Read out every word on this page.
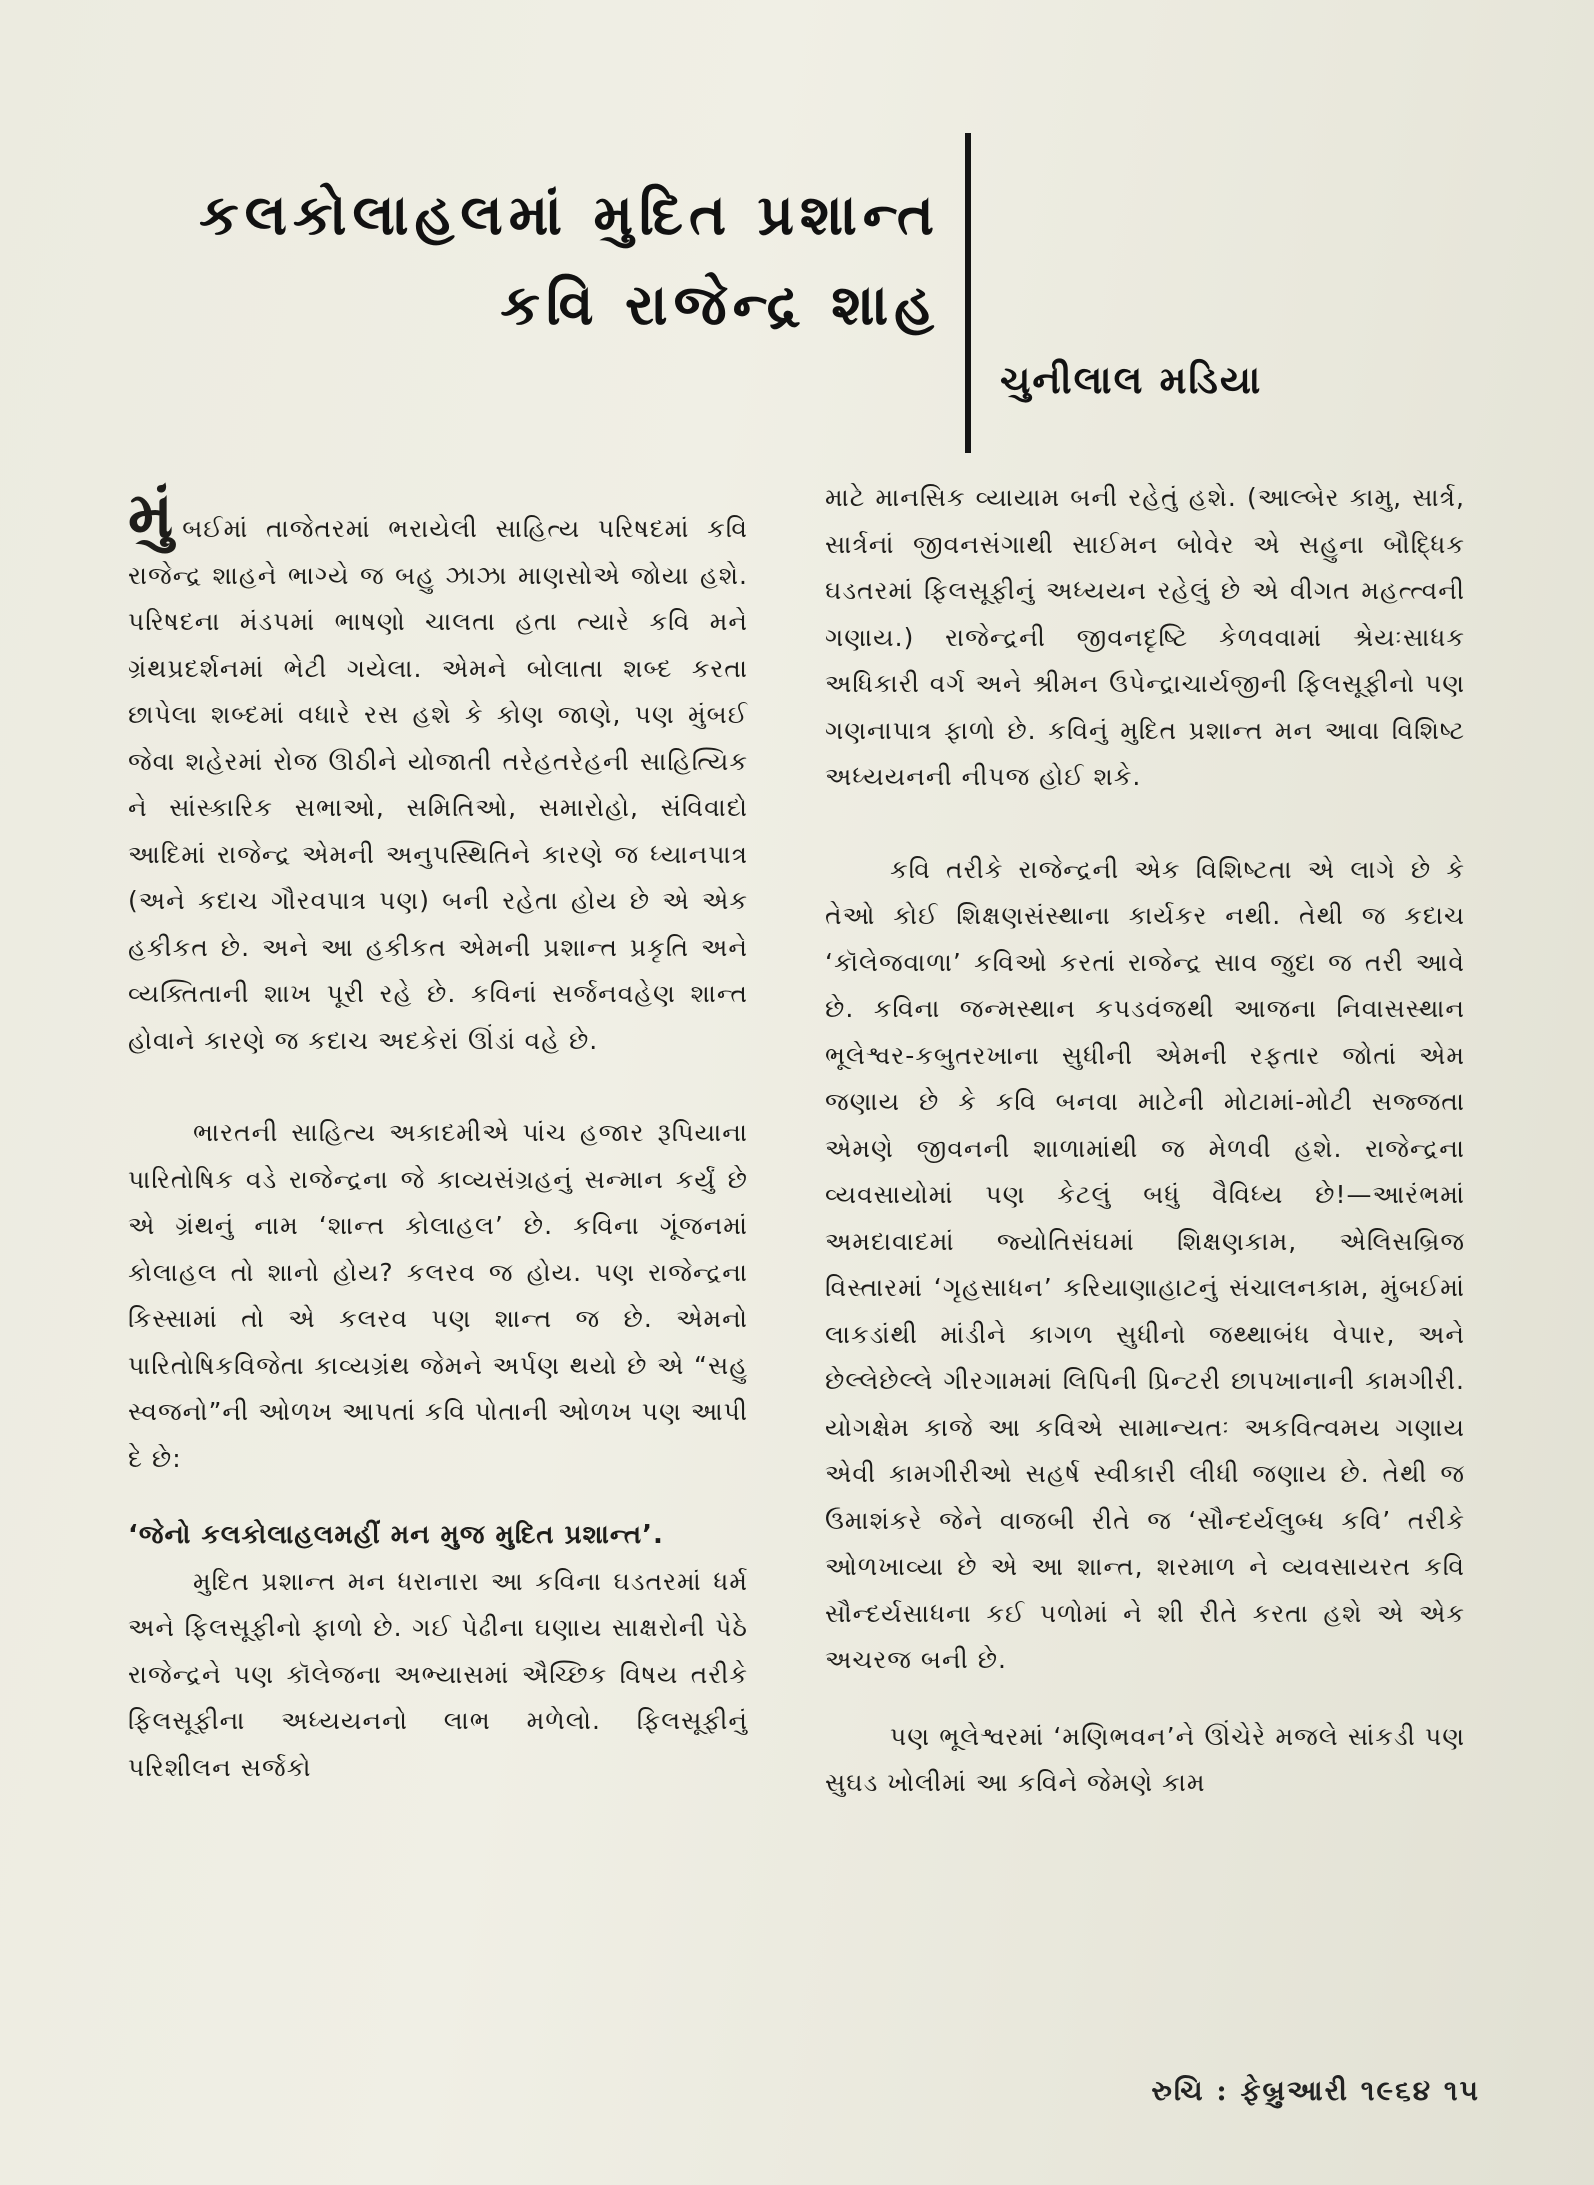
કલકોલાહલમાં મુદિત પ્રશાન્ત
કવિ રાજેન્દ્ર શાહ
ચુનીલાલ મડિયા

મુંબઈમાં તાજેતરમાં ભરાયેલી સાહિત્ય પરિષદમાં કવિ રાજેન્દ્ર શાહને ભાગ્યે જ બહુ ઝાઝા માણસોએ જોયા હશે. પરિષદના મંડપમાં ભાષણો ચાલતા હતા ત્યારે કવિ મને ગ્રંથપ્રદર્શનમાં ભેટી ગયેલા. એમને બોલાતા શબ્દ કરતા છાપેલા શબ્દમાં વધારે રસ હશે કે કોણ જાણે, પણ મુંબઈ જેવા શહેરમાં રોજ ઊઠીને યોજાતી તરેહતરેહની સાહિત્યિક ને સાંસ્કારિક સભાઓ, સમિતિઓ, સમારોહો, સંવિવાદો આદિમાં રાજેન્દ્ર એમની અનુપસ્થિતિને કારણે જ ધ્યાનપાત્ર (અને કદાચ ગૌરવપાત્ર પણ) બની રહેતા હોય છે એ એક હકીકત છે. અને આ હકીકત એમની પ્રશાન્ત પ્રકૃતિ અને વ્યક્તિતાની શાખ પૂરી રહે છે. કવિનાં સર્જનવહેણ શાન્ત હોવાને કારણે જ કદાચ અદકેરાં ઊંડાં વહે છે.

ભારતની સાહિત્ય અકાદમીએ પાંચ હજાર રૂપિયાના પારિતોષિક વડે રાજેન્દ્રના જે કાવ્યસંગ્રહનું સન્માન કર્યું છે એ ગ્રંથનું નામ ‘શાન્ત કોલાહલ’ છે. કવિના ગૂંજનમાં કોલાહલ તો શાનો હોય? કલરવ જ હોય. પણ રાજેન્દ્રના કિસ્સામાં તો એ કલરવ પણ શાન્ત જ છે. એમનો પારિતોષિકવિજેતા કાવ્યગ્રંથ જેમને અર્પણ થયો છે એ “સહુ સ્વજનો”ની ઓળખ આપતાં કવિ પોતાની ઓળખ પણ આપી દે છે:

‘જેનો કલકોલાહલમહીં મન મુજ મુદિત પ્રશાન્ત’.

મુદિત પ્રશાન્ત મન ધરાનારા આ કવિના ઘડતરમાં ધર્મ અને ફિલસૂફીનો ફાળો છે. ગઈ પેઢીના ઘણાય સાક્ષરોની પેઠે રાજેન્દ્રને પણ કૉલેજના અભ્યાસમાં ઐચ્છિક વિષય તરીકે ફિલસૂફીના અધ્યયનનો લાભ મળેલો. ફિલસૂફીનું પરિશીલન સર્જકો

માટે માનસિક વ્યાયામ બની રહેતું હશે. (આલ્બેર કામુ, સાર્ત્ર, સાર્ત્રનાં જીવનસંગાથી સાઈમન બોવેર એ સહુના બૌદ્ધિક ઘડતરમાં ફિલસૂફીનું અધ્યયન રહેલું છે એ વીગત મહત્ત્વની ગણાય.) રાજેન્દ્રની જીવનદૃષ્ટિ કેળવવામાં શ્રેયઃસાધક અધિકારી વર્ગ અને શ્રીમન ઉપેન્દ્રાચાર્યજીની ફિલસૂફીનો પણ ગણનાપાત્ર ફાળો છે. કવિનું મુદિત પ્રશાન્ત મન આવા વિશિષ્ટ અધ્યયનની નીપજ હોઈ શકે.

કવિ તરીકે રાજેન્દ્રની એક વિશિષ્ટતા એ લાગે છે કે તેઓ કોઈ શિક્ષણસંસ્થાના કાર્યકર નથી. તેથી જ કદાચ ‘કૉલેજવાળા’ કવિઓ કરતાં રાજેન્દ્ર સાવ જુદા જ તરી આવે છે. કવિના જન્મસ્થાન કપડવંજથી આજના નિવાસસ્થાન ભૂલેશ્વર-કબુતરખાના સુધીની એમની રફતાર જોતાં એમ જણાય છે કે કવિ બનવા માટેની મોટામાં-મોટી સજ્જતા એમણે જીવનની શાળામાંથી જ મેળવી હશે. રાજેન્દ્રના વ્યવસાયોમાં પણ કેટલું બધું વૈવિધ્ય છે!—આરંભમાં અમદાવાદમાં જ્યોતિસંઘમાં શિક્ષણકામ, એલિસબ્રિજ વિસ્તારમાં ‘ગૃહસાધન’ કરિયાણાહાટનું સંચાલનકામ, મુંબઈમાં લાકડાંથી માંડીને કાગળ સુધીનો જથ્થાબંધ વેપાર, અને છેલ્લેછેલ્લે ગીરગામમાં લિપિની પ્રિન્ટરી છાપખાનાની કામગીરી. યોગક્ષેમ કાજે આ કવિએ સામાન્યતઃ અકવિત્વમય ગણાય એવી કામગીરીઓ સહર્ષ સ્વીકારી લીધી જણાય છે. તેથી જ ઉમાશંકરે જેને વાજબી રીતે જ ‘સૌન્દર્યલુબ્ધ કવિ’ તરીકે ઓળખાવ્યા છે એ આ શાન્ત, શરમાળ ને વ્યવસાયરત કવિ સૌન્દર્યસાધના કઈ પળોમાં ને શી રીતે કરતા હશે એ એક અચરજ બની છે.

પણ ભૂલેશ્વરમાં ‘મણિભવન’ને ઊંચેરે મજલે સાંકડી પણ સુઘડ ખોલીમાં આ કવિને જેમણે કામ

રુચિ : ફેબ્રુઆરી ૧૯૬૪ ૧૫
